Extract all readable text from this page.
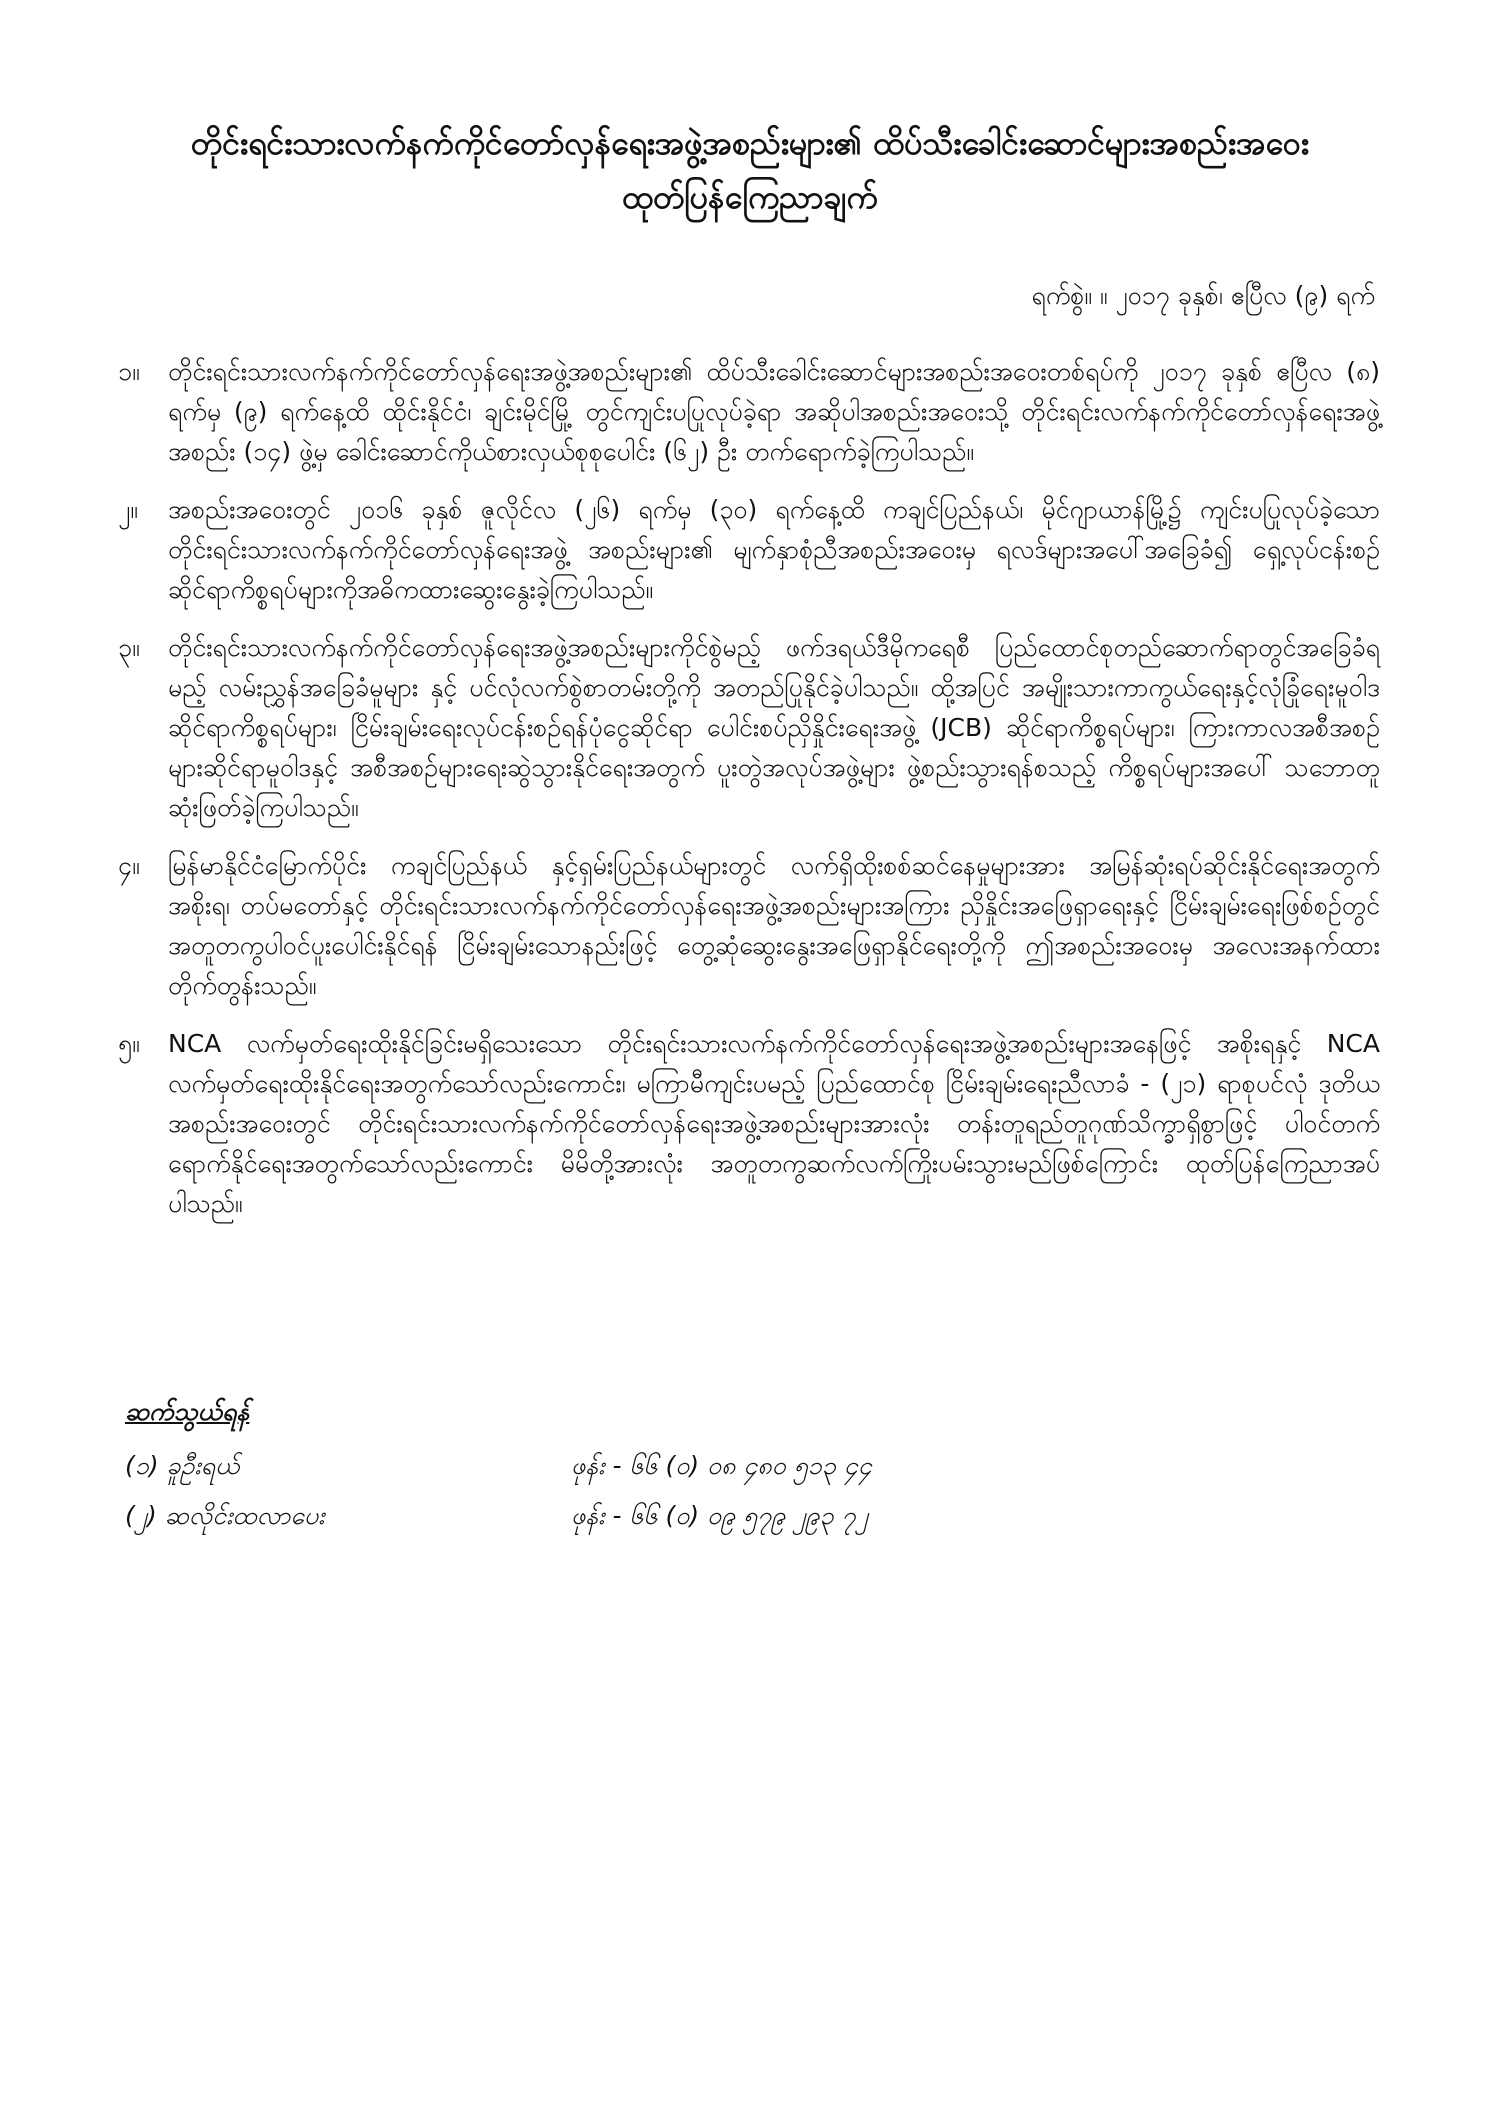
တိုင်းရင်းသားလက်နက်ကိုင်တော်လှန်ရေးအဖွဲ့အစည်းများ၏ ထိပ်သီးခေါင်းဆောင်များအစည်းအဝေး
ထုတ်ပြန်ကြေညာချက်
ရက်စွဲ။ ။ ၂၀၁၇ ခုနှစ်၊ ဧပြီလ (၉) ရက်
၁။	တိုင်းရင်းသားလက်နက်ကိုင်တော်လှန်ရေးအဖွဲ့အစည်းများ၏ ထိပ်သီးခေါင်းဆောင်များအစည်းအဝေးတစ်ရပ်ကို ၂၀၁၇ ခုနှစ် ဧပြီလ (၈) ရက်မှ (၉) ရက်နေ့ထိ ထိုင်းနိုင်ငံ၊ ချင်းမိုင်မြို့ တွင်ကျင်းပပြုလုပ်ခဲ့ရာ အဆိုပါအစည်းအဝေးသို့ တိုင်းရင်းလက်နက်ကိုင်တော်လှန်ရေးအဖွဲ့အစည်း (၁၄) ဖွဲ့မှ ခေါင်းဆောင်ကိုယ်စားလှယ်စုစုပေါင်း (၆၂) ဦး တက်ရောက်ခဲ့ကြပါသည်။
၂။	အစည်းအဝေးတွင် ၂၀၁၆ ခုနှစ် ဇူလိုင်လ (၂၆) ရက်မှ (၃၀) ရက်နေ့ထိ ကချင်ပြည်နယ်၊ မိုင်ဂျာယာန်မြို့၌ ကျင်းပပြုလုပ်ခဲ့သော တိုင်းရင်းသားလက်နက်ကိုင်တော်လှန်ရေးအဖွဲ့ အစည်းများ၏ မျက်နှာစုံညီအစည်းအဝေးမှ ရလဒ်များအပေါ်အခြေခံ၍ ရှေ့လုပ်ငန်းစဉ်ဆိုင်ရာကိစ္စရပ်များကိုအဓိကထားဆွေးနွေးခဲ့ကြပါသည်။
၃။	တိုင်းရင်းသားလက်နက်ကိုင်တော်လှန်ရေးအဖွဲ့အစည်းများကိုင်စွဲမည့် ဖက်ဒရယ်ဒီမိုကရေစီ ပြည်ထောင်စုတည်ဆောက်ရာတွင်အခြေခံရမည့် လမ်းညွှန်အခြေခံမူများ နှင့် ပင်လုံလက်စွဲစာတမ်းတို့ကို အတည်ပြုနိုင်ခဲ့ပါသည်။ ထို့အပြင် အမျိုးသားကာကွယ်ရေးနှင့်လုံခြုံရေးမူဝါဒဆိုင်ရာကိစ္စရပ်များ၊ ငြိမ်းချမ်းရေးလုပ်ငန်းစဉ်ရန်ပုံငွေဆိုင်ရာ ပေါင်းစပ်ညှိနှိုင်းရေးအဖွဲ့ (JCB) ဆိုင်ရာကိစ္စရပ်များ၊ ကြားကာလအစီအစဉ်များဆိုင်ရာမူဝါဒနှင့် အစီအစဉ်များရေးဆွဲသွားနိုင်ရေးအတွက် ပူးတွဲအလုပ်အဖွဲ့များ ဖွဲ့စည်းသွားရန်စသည့် ကိစ္စရပ်များအပေါ် သဘောတူဆုံးဖြတ်ခဲ့ကြပါသည်။
၄။	မြန်မာနိုင်ငံမြောက်ပိုင်း ကချင်ပြည်နယ် နှင့်ရှမ်းပြည်နယ်များတွင် လက်ရှိထိုးစစ်ဆင်နေမှုများအား အမြန်ဆုံးရပ်ဆိုင်းနိုင်ရေးအတွက် အစိုးရ၊ တပ်မတော်နှင့် တိုင်းရင်းသားလက်နက်ကိုင်တော်လှန်ရေးအဖွဲ့အစည်းများအကြား ညှိနှိုင်းအဖြေရှာရေးနှင့် ငြိမ်းချမ်းရေးဖြစ်စဉ်တွင်အတူတကွပါဝင်ပူးပေါင်းနိုင်ရန် ငြိမ်းချမ်းသောနည်းဖြင့် တွေ့ဆုံဆွေးနွေးအဖြေရှာနိုင်ရေးတို့ကို ဤအစည်းအဝေးမှ အလေးအနက်ထား တိုက်တွန်းသည်။
၅။	NCA လက်မှတ်ရေးထိုးနိုင်ခြင်းမရှိသေးသော တိုင်းရင်းသားလက်နက်ကိုင်တော်လှန်ရေးအဖွဲ့အစည်းများအနေဖြင့် အစိုးရနှင့် NCA လက်မှတ်ရေးထိုးနိုင်ရေးအတွက်သော်လည်းကောင်း၊ မကြာမီကျင်းပမည့် ပြည်ထောင်စု ငြိမ်းချမ်းရေးညီလာခံ - (၂၁) ရာစုပင်လုံ ဒုတိယအစည်းအဝေးတွင် တိုင်းရင်းသားလက်နက်ကိုင်တော်လှန်ရေးအဖွဲ့အစည်းများအားလုံး တန်းတူရည်တူဂုဏ်သိက္ခာရှိစွာဖြင့် ပါဝင်တက်ရောက်နိုင်ရေးအတွက်သော်လည်းကောင်း မိမိတို့အားလုံး အတူတကွဆက်လက်ကြိုးပမ်းသွားမည်ဖြစ်ကြောင်း ထုတ်ပြန်ကြေညာအပ်ပါသည်။
ဆက်သွယ်ရန်
(၁) ခူဦးရယ်	ဖုန်း - ၆၆ (၀) ၀၈ ၄၈၀ ၅၁၃ ၄၄
(၂) ဆလိုင်းထလာပေး	ဖုန်း - ၆၆ (၀) ၀၉ ၅၇၉ ၂၉၃ ၇၂
